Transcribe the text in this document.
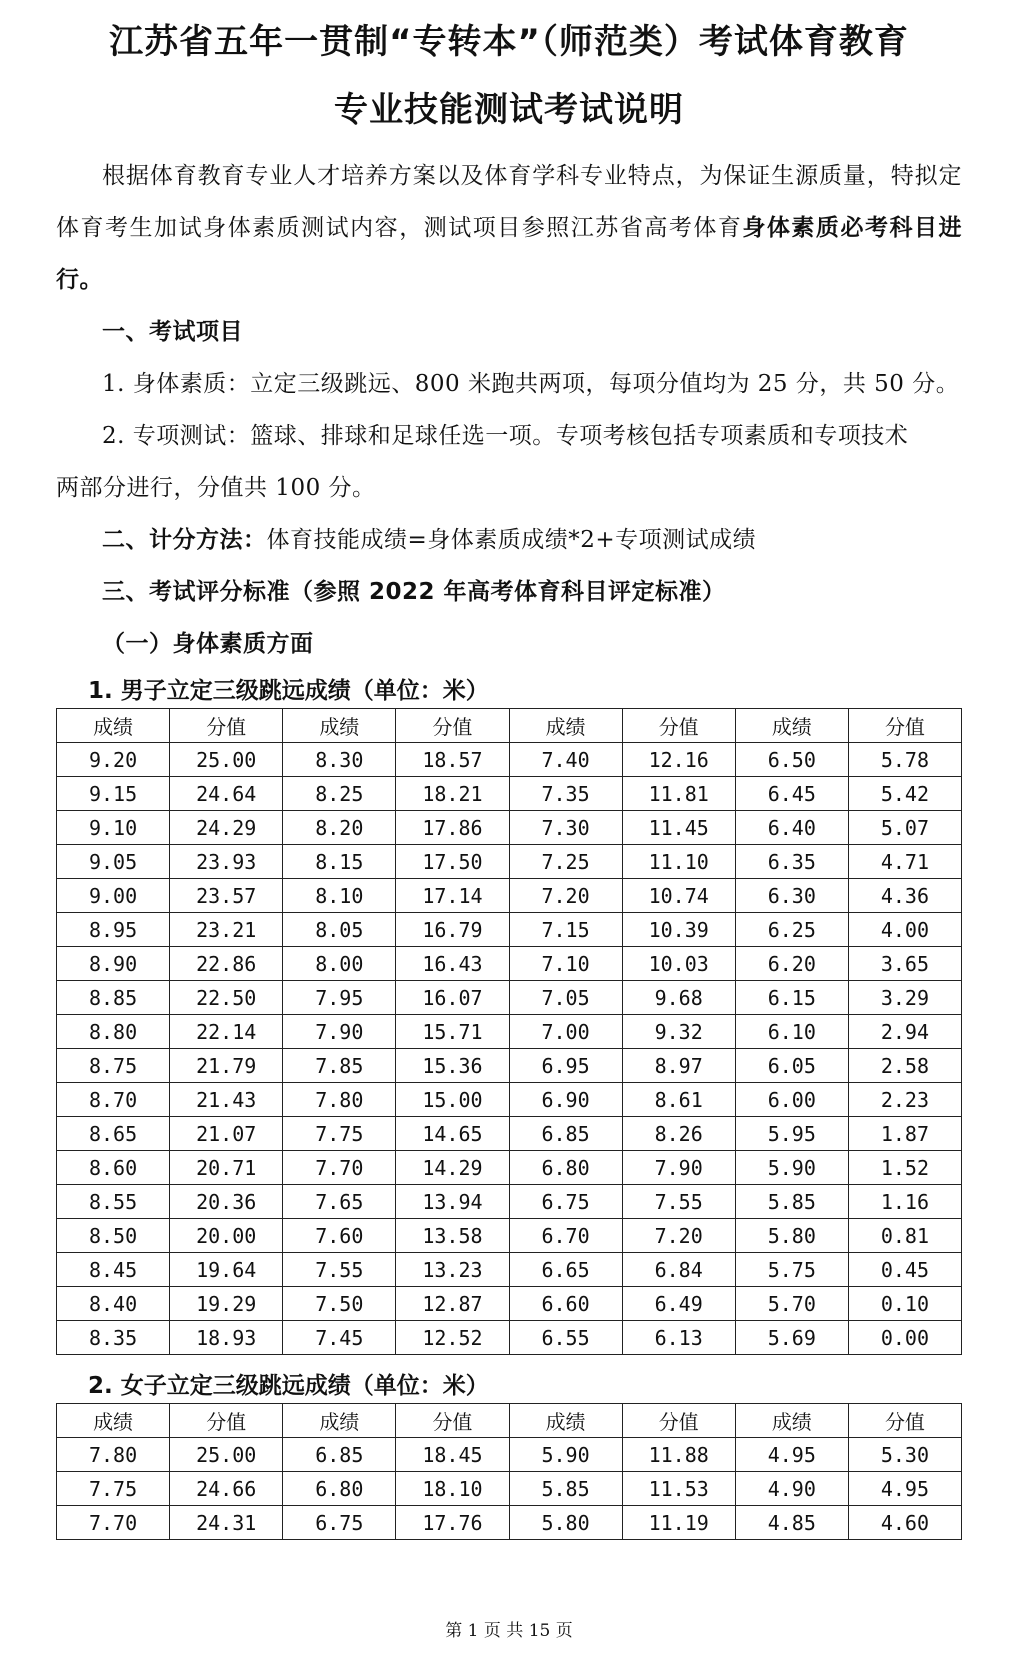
江苏省五年一贯制“专转本”（师范类）考试体育教育
专业技能测试考试说明

根据体育教育专业人才培养方案以及体育学科专业特点，为保证生源质量，特拟定体育考生加试身体素质测试内容，测试项目参照江苏省高考体育身体素质必考科目进行。

一、考试项目

1. 身体素质：立定三级跳远、800 米跑共两项，每项分值均为 25 分，共 50 分。

2. 专项测试：篮球、排球和足球任选一项。专项考核包括专项素质和专项技术

两部分进行，分值共 100 分。

二、计分方法：体育技能成绩=身体素质成绩*2+专项测试成绩

三、考试评分标准（参照 2022 年高考体育科目评定标准）

（一）身体素质方面

1. 男子立定三级跳远成绩（单位：米）
成绩	分值	成绩	分值	成绩	分值	成绩	分值
9.20	25.00	8.30	18.57	7.40	12.16	6.50	5.78
9.15	24.64	8.25	18.21	7.35	11.81	6.45	5.42
9.10	24.29	8.20	17.86	7.30	11.45	6.40	5.07
9.05	23.93	8.15	17.50	7.25	11.10	6.35	4.71
9.00	23.57	8.10	17.14	7.20	10.74	6.30	4.36
8.95	23.21	8.05	16.79	7.15	10.39	6.25	4.00
8.90	22.86	8.00	16.43	7.10	10.03	6.20	3.65
8.85	22.50	7.95	16.07	7.05	9.68	6.15	3.29
8.80	22.14	7.90	15.71	7.00	9.32	6.10	2.94
8.75	21.79	7.85	15.36	6.95	8.97	6.05	2.58
8.70	21.43	7.80	15.00	6.90	8.61	6.00	2.23
8.65	21.07	7.75	14.65	6.85	8.26	5.95	1.87
8.60	20.71	7.70	14.29	6.80	7.90	5.90	1.52
8.55	20.36	7.65	13.94	6.75	7.55	5.85	1.16
8.50	20.00	7.60	13.58	6.70	7.20	5.80	0.81
8.45	19.64	7.55	13.23	6.65	6.84	5.75	0.45
8.40	19.29	7.50	12.87	6.60	6.49	5.70	0.10
8.35	18.93	7.45	12.52	6.55	6.13	5.69	0.00
2. 女子立定三级跳远成绩（单位：米）
成绩	分值	成绩	分值	成绩	分值	成绩	分值
7.80	25.00	6.85	18.45	5.90	11.88	4.95	5.30
7.75	24.66	6.80	18.10	5.85	11.53	4.90	4.95
7.70	24.31	6.75	17.76	5.80	11.19	4.85	4.60
第 1 页 共 15 页
